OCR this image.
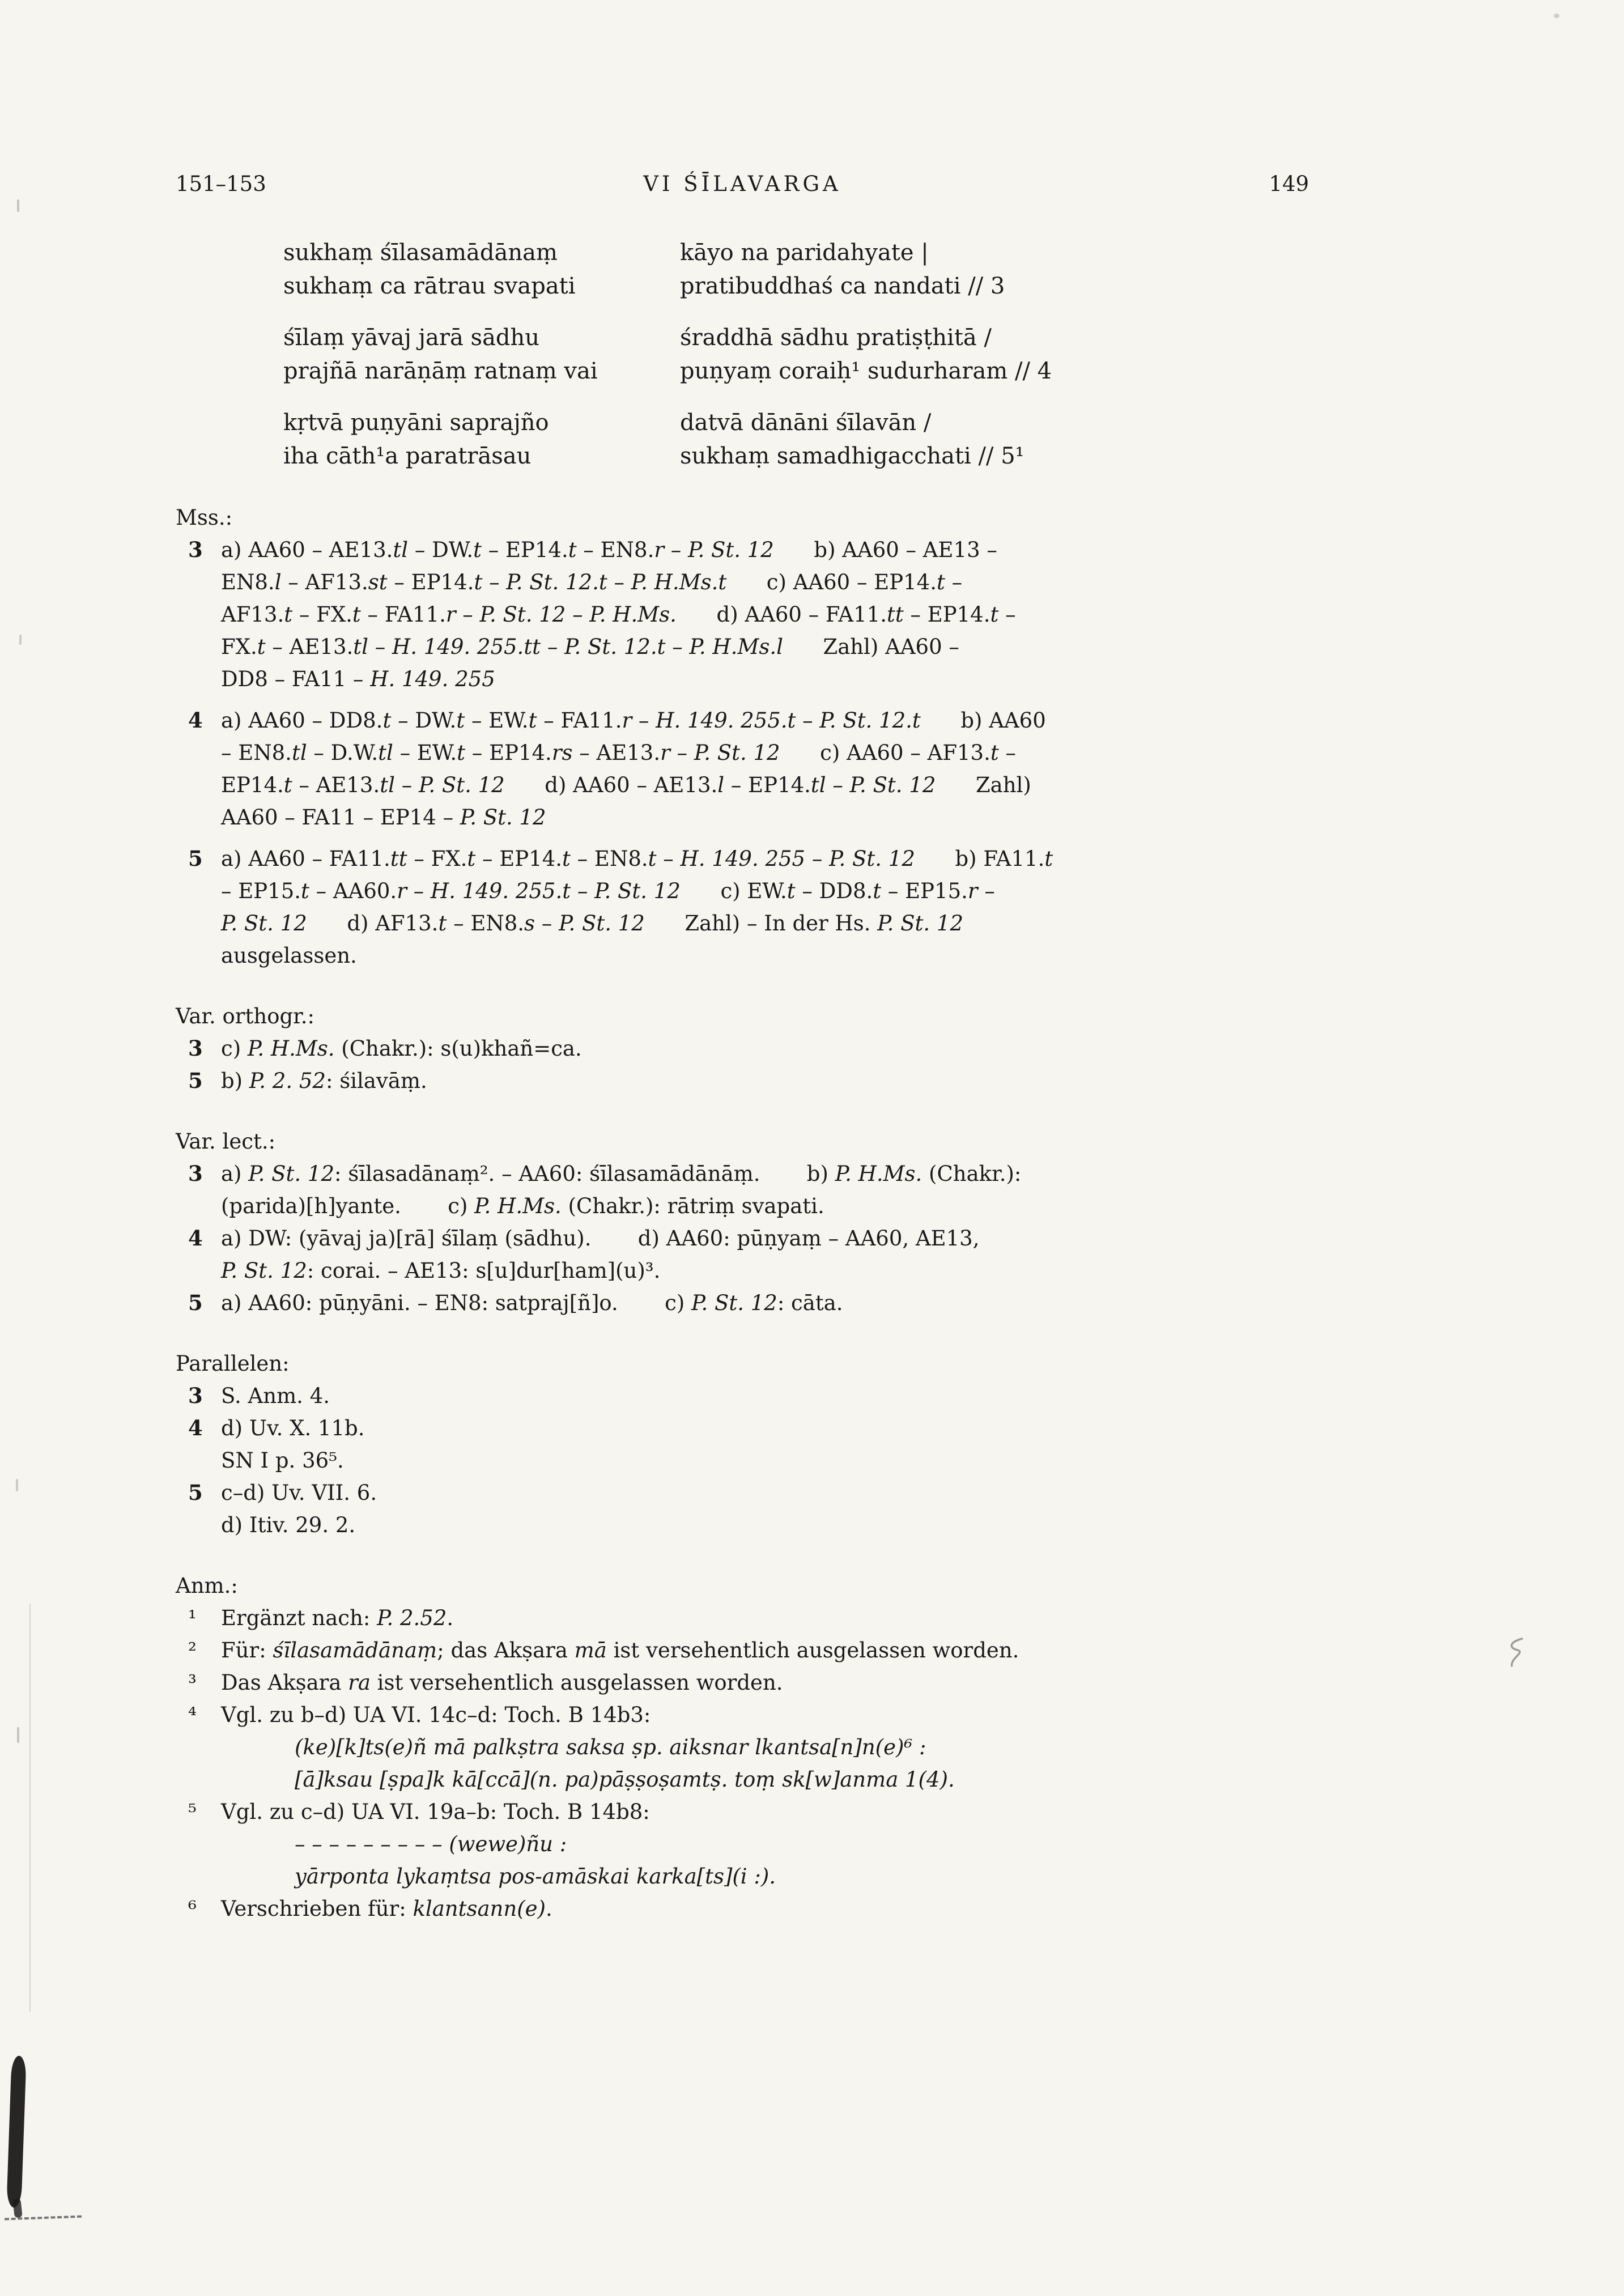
151–153	VI ŚĪLAVARGA	149
sukhaṃ śīlasamādānaṃ	kāyo na paridahyate |
sukhaṃ ca rātrau svapati	pratibuddhaś ca nandati // 3
śīlaṃ yāvaj jarā sādhu	śraddhā sādhu pratiṣṭhitā /
prajñā narāṇāṃ ratnaṃ vai	puṇyaṃ coraiḥ¹ sudurharam // 4
kṛtvā puṇyāni saprajño	datvā dānāni śīlavān /
iha cāth¹a paratrāsau	sukhaṃ samadhigacchati // 5¹
Mss.:
3 a) AA60 – AE13.tl – DW.t – EP14.t – EN8.r – P. St. 12      b) AA60 – AE13 –
EN8.l – AF13.st – EP14.t – P. St. 12.t – P. H.Ms.t      c) AA60 – EP14.t –
AF13.t – FX.t – FA11.r – P. St. 12 – P. H.Ms.      d) AA60 – FA11.tt – EP14.t –
FX.t – AE13.tl – H. 149. 255.tt – P. St. 12.t – P. H.Ms.l      Zahl) AA60 –
DD8 – FA11 – H. 149. 255
4 a) AA60 – DD8.t – DW.t – EW.t – FA11.r – H. 149. 255.t – P. St. 12.t      b) AA60
– EN8.tl – D.W.tl – EW.t – EP14.rs – AE13.r – P. St. 12      c) AA60 – AF13.t –
EP14.t – AE13.tl – P. St. 12      d) AA60 – AE13.l – EP14.tl – P. St. 12      Zahl)
AA60 – FA11 – EP14 – P. St. 12
5 a) AA60 – FA11.tt – FX.t – EP14.t – EN8.t – H. 149. 255 – P. St. 12      b) FA11.t
– EP15.t – AA60.r – H. 149. 255.t – P. St. 12      c) EW.t – DD8.t – EP15.r –
P. St. 12      d) AF13.t – EN8.s – P. St. 12      Zahl) – In der Hs. P. St. 12
ausgelassen.
Var. orthogr.:
3 c) P. H.Ms. (Chakr.): s(u)khañ=ca.
5 b) P. 2. 52: śilavāṃ.
Var. lect.:
3 a) P. St. 12: śīlasadānaṃ². – AA60: śīlasamādānāṃ.       b) P. H.Ms. (Chakr.):
(parida)[h]yante.       c) P. H.Ms. (Chakr.): rātriṃ svapati.
4 a) DW: (yāvaj ja)[rā] śīlaṃ (sādhu).       d) AA60: pūṇyaṃ – AA60, AE13,
P. St. 12: corai. – AE13: s[u]dur[ham](u)³.
5 a) AA60: pūṇyāni. – EN8: satpraj[ñ]o.       c) P. St. 12: cāta.
Parallelen:
3 S. Anm. 4.
4 d) Uv. X. 11b.
SN I p. 36⁵.
5 c–d) Uv. VII. 6.
d) Itiv. 29. 2.
Anm.:
¹	Ergänzt nach: P. 2.52.
²	Für: śīlasamādānaṃ; das Akṣara mā ist versehentlich ausgelassen worden.
³	Das Akṣara ra ist versehentlich ausgelassen worden.
⁴	Vgl. zu b–d) UA VI. 14c–d: Toch. B 14b3:
(ke)[k]ts(e)ñ mā palkṣtra saksa ṣp. aiksnar lkantsa[n]n(e)⁶ :
[ā]ksau [ṣpa]k kā[ccā](n. pa)pāṣṣoṣamtṣ. toṃ sk[w]anma 1(4).
⁵	Vgl. zu c–d) UA VI. 19a–b: Toch. B 14b8:
– – – – – – – – – (wewe)ñu :
yārponta lykaṃtsa pos-amāskai karka[ts](i :).
⁶	Verschrieben für: klantsann(e).
